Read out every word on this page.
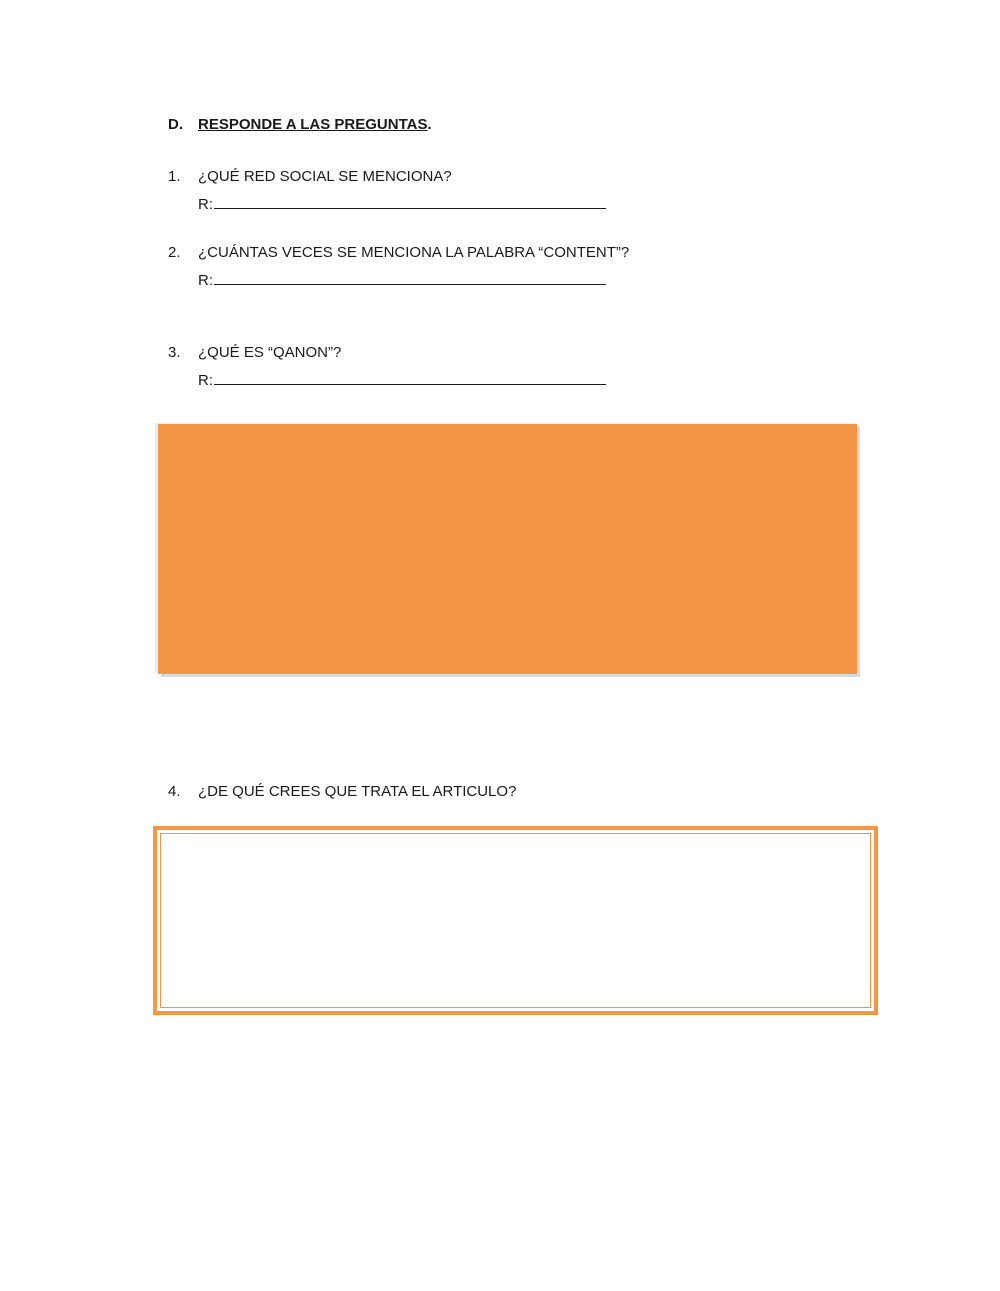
D. RESPONDE A LAS PREGUNTAS.
1. ¿QUÉ RED SOCIAL SE MENCIONA?
R:
2. ¿CUÁNTAS VECES SE MENCIONA LA PALABRA “CONTENT”?
R:
3. ¿QUÉ ES “QANON”?
R:
4. ¿DE QUÉ CREES QUE TRATA EL ARTICULO?
